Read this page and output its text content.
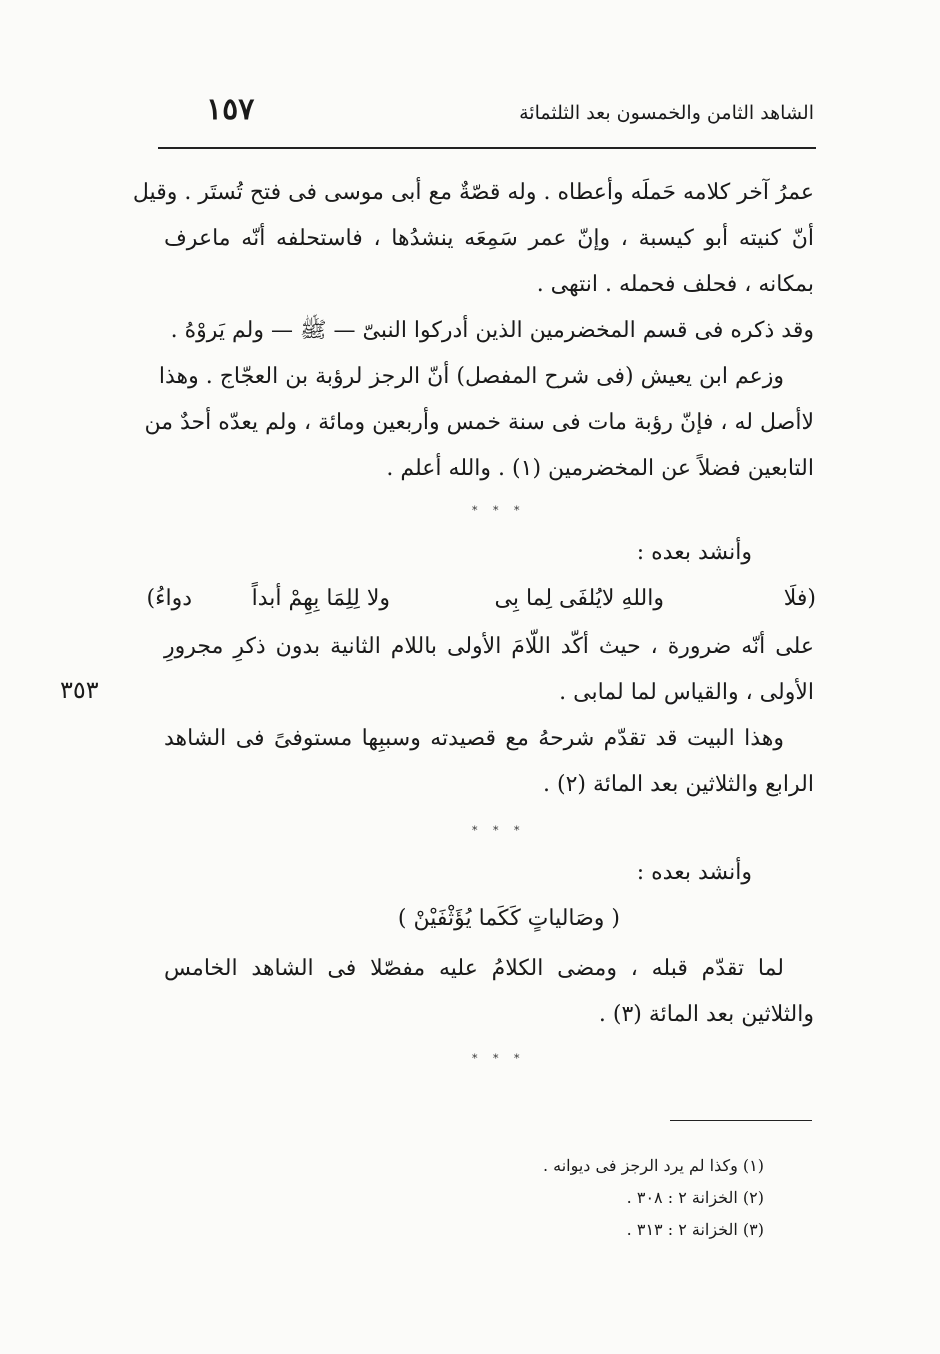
١٥٧	الشاهد الثامن والخمسون بعد الثلثمائة
عمرُ آخر كلامه حَملَه وأعطاه . وله قصّةٌ مع أبى موسى فى فتح تُستَر . وقيل
أنّ كنيته أبو كيسبة ، وإنّ عمر سَمِعَه ينشدُها ، فاستحلفه أنّه ماعرف
بمكانه ، فحلف فحمله . انتهى .
وقد ذكره فى قسم المخضرمين الذين أدركوا النبىّ — ﷺ — ولم يَروْهُ .
وزعم ابن يعيش (فى شرح المفصل) أنّ الرجز لرؤبة بن العجّاج . وهذا
لاأصل له ، فإنّ رؤبة مات فى سنة خمس وأربعين ومائة ، ولم يعدّه أحدٌ من
التابعين فضلاً عن المخضرمين (١) . والله أعلم .
* * *
وأنشد بعده :
(فلَا
واللهِ لايُلفَى لِما بِى
ولا لِلِمَا بِهِمْ أبداً
دواءُ)
على أنّه ضرورة ، حيث أكّد اللّامَ الأولى باللام الثانية بدون ذكرِ مجرورِ
الأولى ، والقياس لما لمابى .
٣٥٣
وهذا البيت قد تقدّم شرحهُ مع قصيدته وسببِها مستوفىً فى الشاهد
الرابع والثلاثين بعد المائة (٢) .
* * *
وأنشد بعده :
( وصَالياتٍ كَكَما يُؤَثْفَيْنْ )
لما تقدّم قبله ، ومضى الكلامُ عليه مفصّلا فى الشاهد الخامس
والثلاثين بعد المائة (٣) .
* * *
(١) وكذا لم يرد الرجز فى ديوانه .
(٢) الخزانة ٢ : ٣٠٨ .
(٣) الخزانة ٢ : ٣١٣ .
